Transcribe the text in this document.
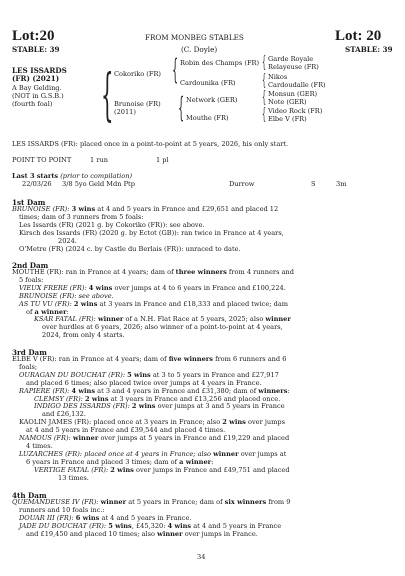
Lot:20	FROM MONBEG STABLES	Lot: 20
STABLE: 39	(C. Doyle)	STABLE: 39
LES ISSARDS
(FR) (2021)
A Bay Gelding.
(NOT in G.S.B.)
(fourth foal) { Cokoriko (FR)
Brunoise (FR)
(2011)
{ Robin des Champs (FR)
Cardounika (FR)
{ Network (GER)
Mouthe (FR)
{ Garde Royale
Relayeuse (FR)
{ Nikos
Cardoudalle (FR)
{ Monsun (GER)
Note (GER)
{ Video Rock (FR)
Elbe V (FR)
LES ISSARDS (FR): placed once in a point-to-point at 5 years, 2026, his only start.
POINT TO POINT	1 run	1 pl
Last 3 starts (prior to compilation)
22/03/26 3/8 5yo Geld Mdn Ptp	Durrow	S	3m
1st Dam
BRUNOISE (FR): 3 wins at 4 and 5 years in France and £29,651 and placed 12
times; dam of 3 runners from 5 foals:
Les Issards (FR) (2021 g. by Cokoriko (FR)): see above.
Kirsch des Issards (FR) (2020 g. by Ectot (GB)): ran twice in France at 4 years,
2024.
O'Metre (FR) (2024 c. by Castle du Berlais (FR)): unraced to date.
2nd Dam
MOUTHE (FR): ran in France at 4 years; dam of three winners from 4 runners and
5 foals:
VIEUX FRERE (FR): 4 wins over jumps at 4 to 6 years in France and £100,224.
BRUNOISE (FR): see above.
AS TU VU (FR): 2 wins at 3 years in France and £18,333 and placed twice; dam
of a winner:
KSAR FATAL (FR): winner of a N.H. Flat Race at 5 years, 2025; also winner
over hurdles at 6 years, 2026; also winner of a point-to-point at 4 years,
2024, from only 4 starts.
3rd Dam
ELBE V (FR): ran in France at 4 years; dam of five winners from 6 runners and 6
foals;
OURAGAN DU BOUCHAT (FR): 5 wins at 3 to 5 years in France and £27,917
and placed 6 times; also placed twice over jumps at 4 years in France.
RAPIERE (FR): 4 wins at 3 and 4 years in France and £31,380; dam of winners:
CLEMSY (FR): 2 wins at 3 years in France and £13,256 and placed once.
INDIGO DES ISSARDS (FR): 2 wins over jumps at 3 and 5 years in France
and £26,132.
KAOLIN JAMES (FR): placed once at 3 years in France; also 2 wins over jumps
at 4 and 5 years in France and £39,544 and placed 4 times.
NAMOUS (FR): winner over jumps at 5 years in France and £19,229 and placed
4 times.
LUZARCHES (FR): placed once at 4 years in France; also winner over jumps at
6 years in France and placed 3 times; dam of a winner:
VERTIGE FATAL (FR): 2 wins over jumps in France and £49,751 and placed
13 times.
4th Dam
QUEMANDEUSE IV (FR): winner at 5 years in France; dam of six winners from 9
runners and 10 foals inc.:
DOUAR III (FR): 6 wins at 4 and 5 years in France.
JADE DU BOUCHAT (FR): 5 wins, £45,320: 4 wins at 4 and 5 years in France
and £19,450 and placed 10 times; also winner over jumps in France.
34
